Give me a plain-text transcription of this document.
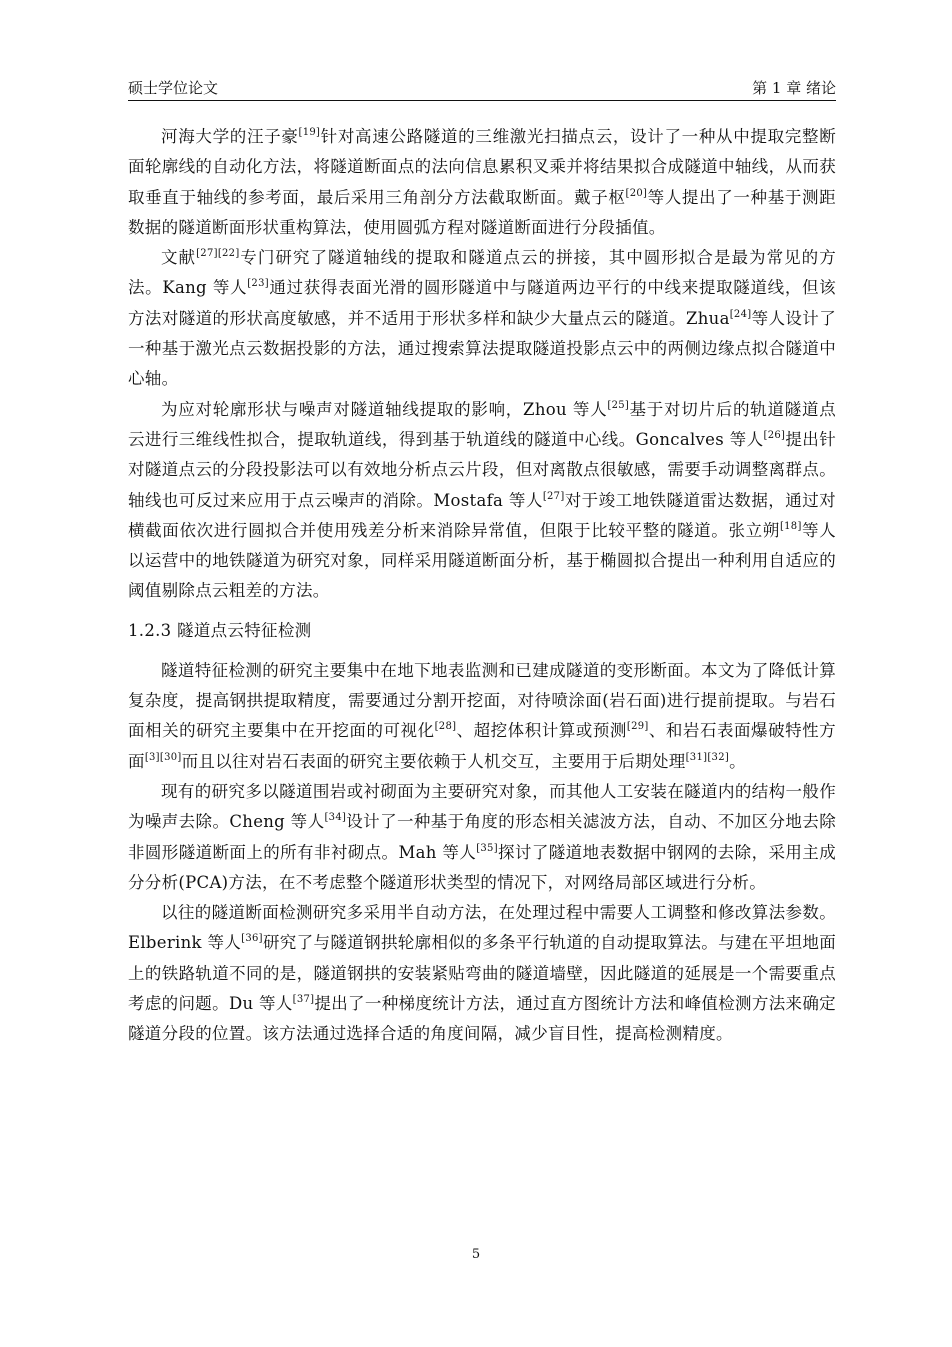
硕士学位论文	第 1 章 绪论

河海大学的汪子豪[19]针对高速公路隧道的三维激光扫描点云，设计了一种从中提取完整断面轮廓线的自动化方法，将隧道断面点的法向信息累积叉乘并将结果拟合成隧道中轴线，从而获取垂直于轴线的参考面，最后采用三角剖分方法截取断面。戴子枢[20]等人提出了一种基于测距数据的隧道断面形状重构算法，使用圆弧方程对隧道断面进行分段插值。

文献[27][22]专门研究了隧道轴线的提取和隧道点云的拼接，其中圆形拟合是最为常见的方法。Kang 等人[23]通过获得表面光滑的圆形隧道中与隧道两边平行的中线来提取隧道线，但该方法对隧道的形状高度敏感，并不适用于形状多样和缺少大量点云的隧道。Zhua[24]等人设计了一种基于激光点云数据投影的方法，通过搜索算法提取隧道投影点云中的两侧边缘点拟合隧道中心轴。

为应对轮廓形状与噪声对隧道轴线提取的影响，Zhou 等人[25]基于对切片后的轨道隧道点云进行三维线性拟合，提取轨道线，得到基于轨道线的隧道中心线。Goncalves 等人[26]提出针对隧道点云的分段投影法可以有效地分析点云片段，但对离散点很敏感，需要手动调整离群点。轴线也可反过来应用于点云噪声的消除。Mostafa 等人[27]对于竣工地铁隧道雷达数据，通过对横截面依次进行圆拟合并使用残差分析来消除异常值，但限于比较平整的隧道。张立朔[18]等人以运营中的地铁隧道为研究对象，同样采用隧道断面分析，基于椭圆拟合提出一种利用自适应的阈值剔除点云粗差的方法。

1.2.3 隧道点云特征检测

隧道特征检测的研究主要集中在地下地表监测和已建成隧道的变形断面。本文为了降低计算复杂度，提高钢拱提取精度，需要通过分割开挖面，对待喷涂面(岩石面)进行提前提取。与岩石面相关的研究主要集中在开挖面的可视化[28]、超挖体积计算或预测[29]、和岩石表面爆破特性方面[3][30]而且以往对岩石表面的研究主要依赖于人机交互，主要用于后期处理[31][32]。

现有的研究多以隧道围岩或衬砌面为主要研究对象，而其他人工安装在隧道内的结构一般作为噪声去除。Cheng 等人[34]设计了一种基于角度的形态相关滤波方法，自动、不加区分地去除非圆形隧道断面上的所有非衬砌点。Mah 等人[35]探讨了隧道地表数据中钢网的去除，采用主成分分析(PCA)方法，在不考虑整个隧道形状类型的情况下，对网络局部区域进行分析。

以往的隧道断面检测研究多采用半自动方法，在处理过程中需要人工调整和修改算法参数。Elberink 等人[36]研究了与隧道钢拱轮廓相似的多条平行轨道的自动提取算法。与建在平坦地面上的铁路轨道不同的是，隧道钢拱的安装紧贴弯曲的隧道墙壁，因此隧道的延展是一个需要重点考虑的问题。Du 等人[37]提出了一种梯度统计方法，通过直方图统计方法和峰值检测方法来确定隧道分段的位置。该方法通过选择合适的角度间隔，减少盲目性，提高检测精度。

5
